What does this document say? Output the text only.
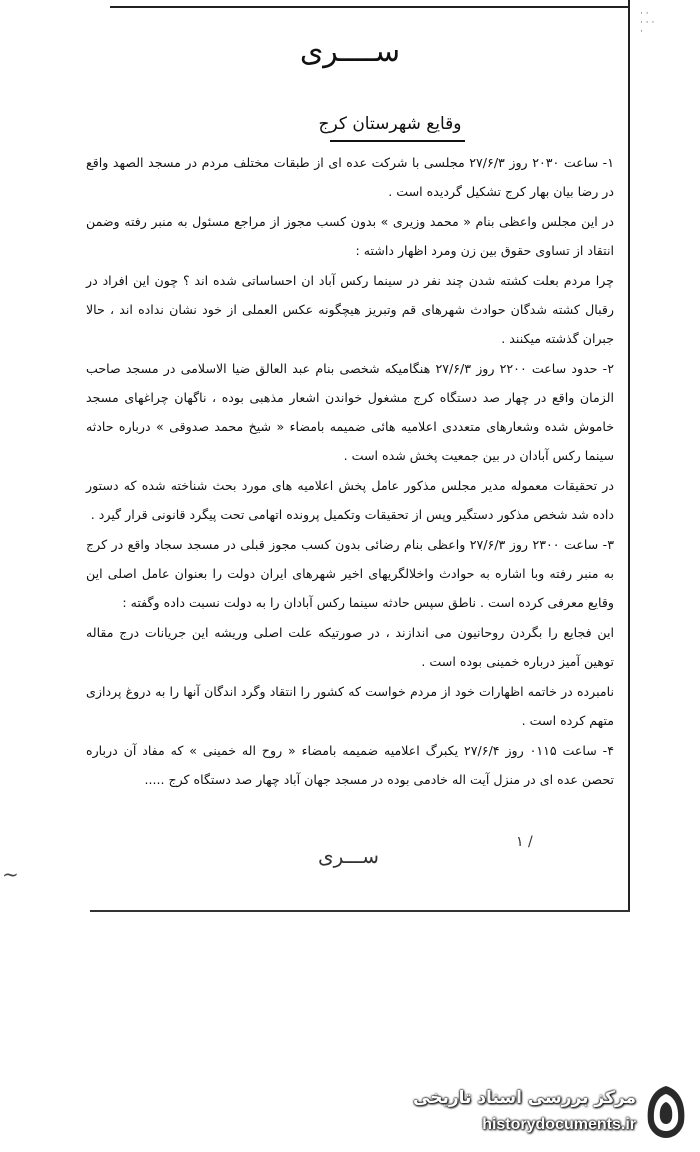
· ·
· · ·
·
~
ســــری
وقایع شهرستان کرج

۱- ساعت ۲۰۳۰ روز ۲۷/۶/۳ مجلسی با شرکت عده ای از طبقات مختلف مردم در مسجد الصهد واقع در رضا بیان بهار کرج تشکیل گردیده است .

در این مجلس واعظی بنام « محمد وزیری » بدون کسب مجوز از مراجع مسئول به منبر رفته وضمن انتقاد از تساوی حقوق بین زن ومرد اظهار داشته :

چرا مردم بعلت کشته شدن چند نفر در سینما رکس آباد ان احساساتی شده اند ؟ چون این افراد در رقبال کشته شدگان حوادث شهرهای قم وتبریز هیچگونه عکس العملی از خود نشان نداده اند ، حالا جبران گذشته میکنند .

۲- حدود ساعت ۲۲۰۰ روز ۲۷/۶/۳ هنگامیکه شخصی بنام عبد العالق ضیا الاسلامی در مسجد صاحب الزمان واقع در چهار صد دستگاه کرج مشغول خواندن اشعار مذهبی بوده ، ناگهان چراغهای مسجد خاموش شده وشعارهای متعددی اعلامیه هائی ضمیمه بامضاء « شیخ محمد صدوقی » درباره حادثه سینما رکس آبادان در بین جمعیت پخش شده است .

در تحقیقات معموله مدیر مجلس مذکور عامل پخش اعلامیه های مورد بحث شناخته شده که دستور داده شد شخص مذکور دستگیر وپس از تحقیقات وتکمیل پرونده اتهامی تحت پیگرد قانونی قرار گیرد .

۳- ساعت ۲۳۰۰ روز ۲۷/۶/۳ واعظی بنام رضائی بدون کسب مجوز قبلی در مسجد سجاد واقع در کرج به منبر رفته وبا اشاره به حوادث واخلالگریهای اخیر شهرهای ایران دولت را بعنوان عامل اصلی این وقایع معرفی کرده است . ناطق سپس حادثه سینما رکس آبادان را به دولت نسبت داده وگفته :

این فجایع را بگردن روحانیون می اندازند ، در صورتیکه علت اصلی وریشه این جریانات درج مقاله توهین آمیز درباره خمینی بوده است .

نامبرده در خاتمه اظهارات خود از مردم خواست که کشور را انتقاد وگرد اندگان آنها را به دروغ پردازی متهم کرده است .

۴- ساعت ۰۱۱۵ روز ۲۷/۶/۴ یکبرگ اعلامیه ضمیمه بامضاء « روح اله خمینی » که مفاد آن درباره تحصن عده ای در منزل آیت اله خادمی بوده در مسجد جهان آباد چهار صد دستگاه کرج .....

۱ /
ســـری
مرکز بررسی اسناد تاریخی
historydocuments.ir
